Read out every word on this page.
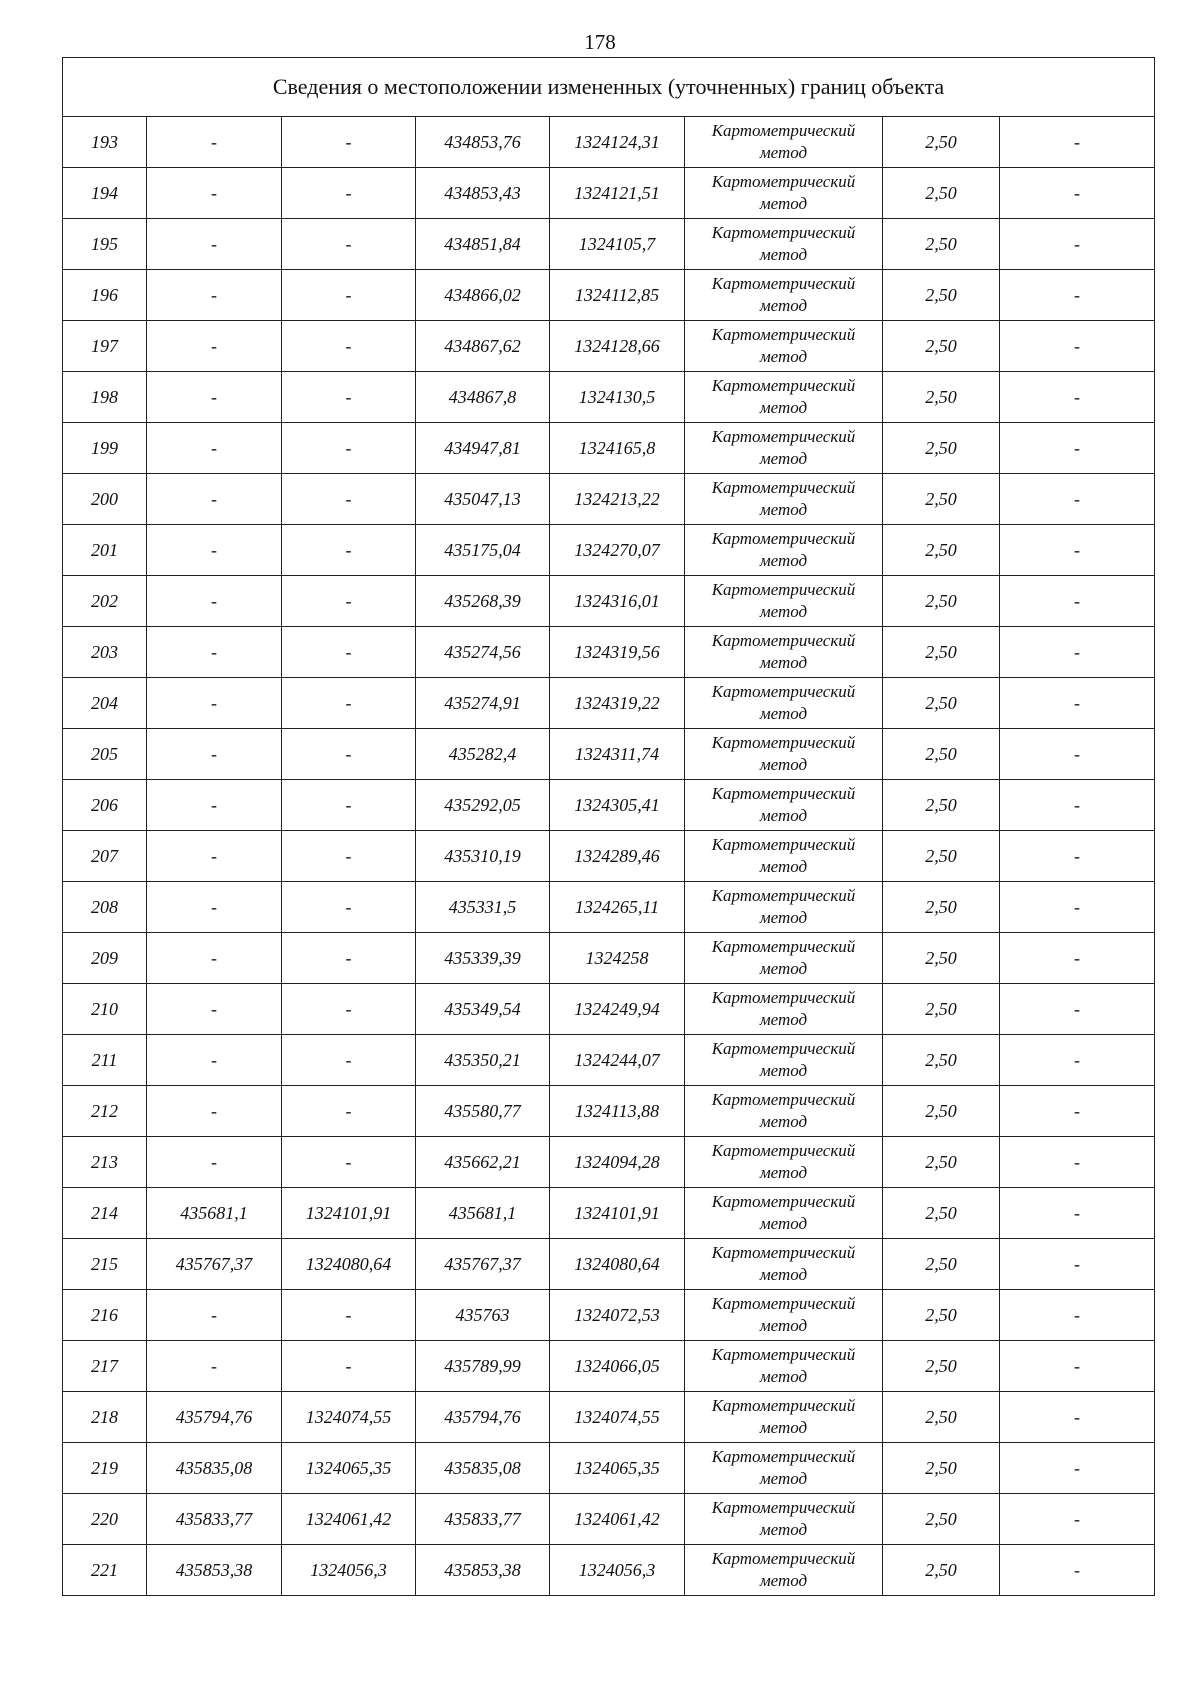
178
Сведения о местоположении измененных (уточненных) границ объекта							
193	-	-	434853,76	1324124,31	Картометрический
метод	2,50	-
194	-	-	434853,43	1324121,51	Картометрический
метод	2,50	-
195	-	-	434851,84	1324105,7	Картометрический
метод	2,50	-
196	-	-	434866,02	1324112,85	Картометрический
метод	2,50	-
197	-	-	434867,62	1324128,66	Картометрический
метод	2,50	-
198	-	-	434867,8	1324130,5	Картометрический
метод	2,50	-
199	-	-	434947,81	1324165,8	Картометрический
метод	2,50	-
200	-	-	435047,13	1324213,22	Картометрический
метод	2,50	-
201	-	-	435175,04	1324270,07	Картометрический
метод	2,50	-
202	-	-	435268,39	1324316,01	Картометрический
метод	2,50	-
203	-	-	435274,56	1324319,56	Картометрический
метод	2,50	-
204	-	-	435274,91	1324319,22	Картометрический
метод	2,50	-
205	-	-	435282,4	1324311,74	Картометрический
метод	2,50	-
206	-	-	435292,05	1324305,41	Картометрический
метод	2,50	-
207	-	-	435310,19	1324289,46	Картометрический
метод	2,50	-
208	-	-	435331,5	1324265,11	Картометрический
метод	2,50	-
209	-	-	435339,39	1324258	Картометрический
метод	2,50	-
210	-	-	435349,54	1324249,94	Картометрический
метод	2,50	-
211	-	-	435350,21	1324244,07	Картометрический
метод	2,50	-
212	-	-	435580,77	1324113,88	Картометрический
метод	2,50	-
213	-	-	435662,21	1324094,28	Картометрический
метод	2,50	-
214	435681,1	1324101,91	435681,1	1324101,91	Картометрический
метод	2,50	-
215	435767,37	1324080,64	435767,37	1324080,64	Картометрический
метод	2,50	-
216	-	-	435763	1324072,53	Картометрический
метод	2,50	-
217	-	-	435789,99	1324066,05	Картометрический
метод	2,50	-
218	435794,76	1324074,55	435794,76	1324074,55	Картометрический
метод	2,50	-
219	435835,08	1324065,35	435835,08	1324065,35	Картометрический
метод	2,50	-
220	435833,77	1324061,42	435833,77	1324061,42	Картометрический
метод	2,50	-
221	435853,38	1324056,3	435853,38	1324056,3	Картометрический
метод	2,50	-
